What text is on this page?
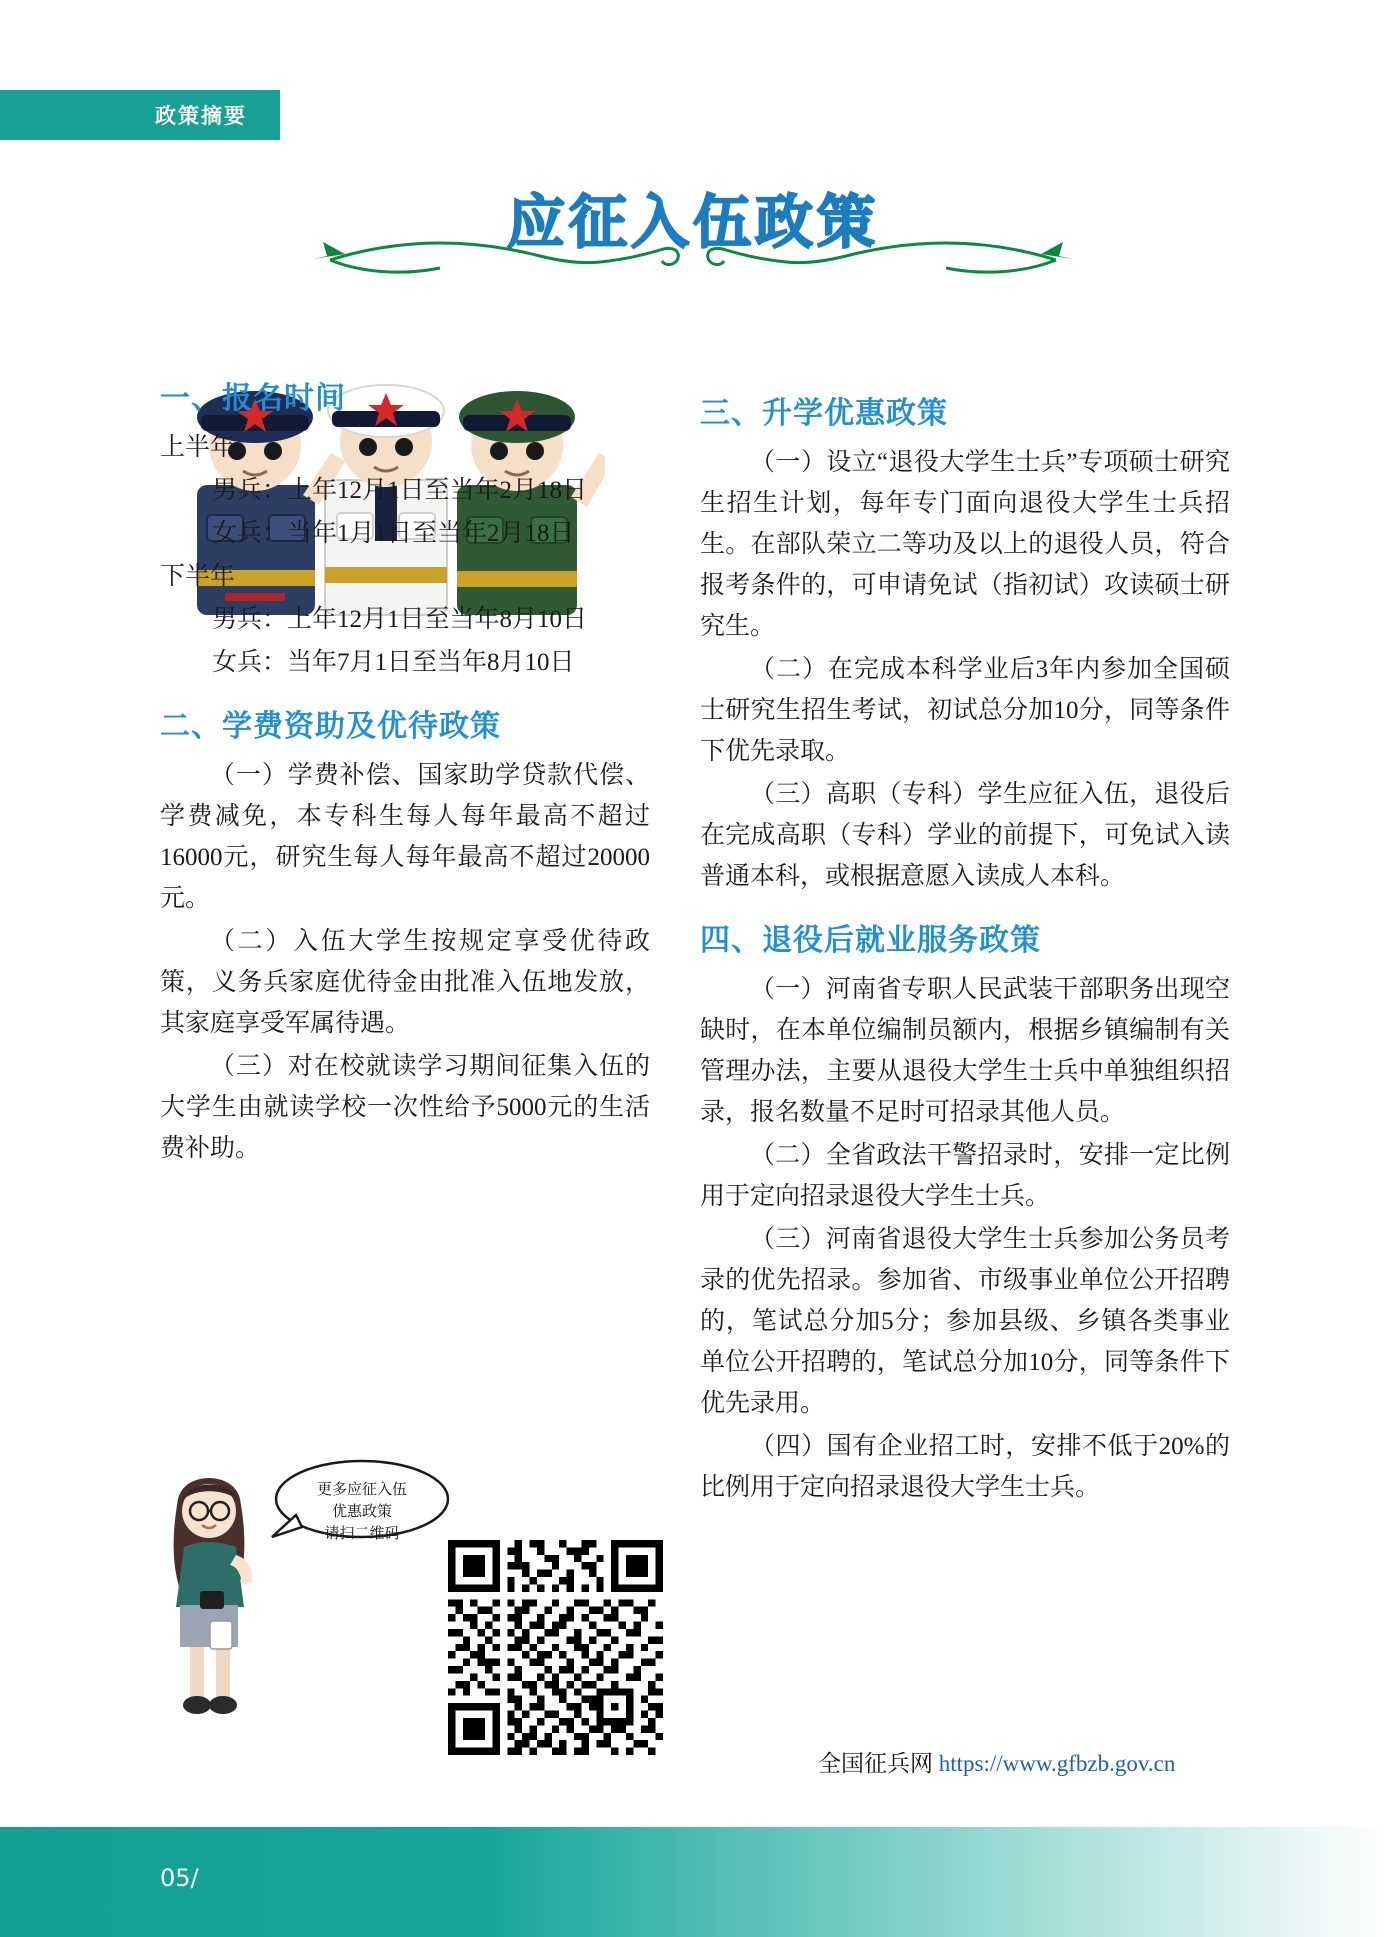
政策摘要
应征入伍政策
一、报名时间

上半年

男兵：上年12月1日至当年2月18日

女兵：当年1月1日至当年2月18日

下半年

男兵：上年12月1日至当年8月10日

女兵：当年7月1日至当年8月10日

二、学费资助及优待政策

（一）学费补偿、国家助学贷款代偿、学费减免，本专科生每人每年最高不超过16000元，研究生每人每年最高不超过20000元。

（二）入伍大学生按规定享受优待政策，义务兵家庭优待金由批准入伍地发放，其家庭享受军属待遇。

（三）对在校就读学习期间征集入伍的大学生由就读学校一次性给予5000元的生活费补助。

三、升学优惠政策

（一）设立“退役大学生士兵”专项硕士研究生招生计划，每年专门面向退役大学生士兵招生。在部队荣立二等功及以上的退役人员，符合报考条件的，可申请免试（指初试）攻读硕士研究生。

（二）在完成本科学业后3年内参加全国硕士研究生招生考试，初试总分加10分，同等条件下优先录取。

（三）高职（专科）学生应征入伍，退役后在完成高职（专科）学业的前提下，可免试入读普通本科，或根据意愿入读成人本科。

四、退役后就业服务政策

（一）河南省专职人民武装干部职务出现空缺时，在本单位编制员额内，根据乡镇编制有关管理办法，主要从退役大学生士兵中单独组织招录，报名数量不足时可招录其他人员。

（二）全省政法干警招录时，安排一定比例用于定向招录退役大学生士兵。

（三）河南省退役大学生士兵参加公务员考录的优先招录。参加省、市级事业单位公开招聘的，笔试总分加5分；参加县级、乡镇各类事业单位公开招聘的，笔试总分加10分，同等条件下优先录用。

（四）国有企业招工时，安排不低于20%的比例用于定向招录退役大学生士兵。

更多应征入伍
优惠政策
请扫二维码
全国征兵网 https://www.gfbzb.gov.cn
05/
